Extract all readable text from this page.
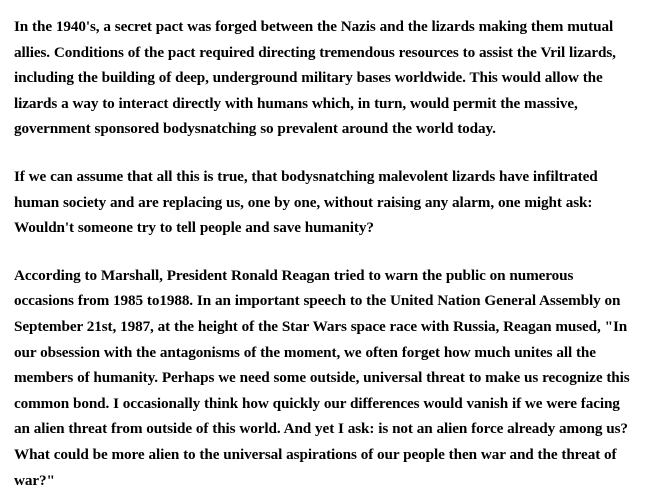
In the 1940's, a secret pact was forged between the Nazis and the lizards making them mutual allies. Conditions of the pact required directing tremendous resources to assist the Vril lizards, including the building of deep, underground military bases worldwide. This would allow the lizards a way to interact directly with humans which, in turn, would permit the massive, government sponsored bodysnatching so prevalent around the world today.

If we can assume that all this is true, that bodysnatching malevolent lizards have infiltrated human society and are replacing us, one by one, without raising any alarm, one might ask: Wouldn't someone try to tell people and save humanity?

According to Marshall, President Ronald Reagan tried to warn the public on numerous occasions from 1985 to1988. In an important speech to the United Nation General Assembly on September 21st, 1987, at the height of the Star Wars space race with Russia, Reagan mused, "In our obsession with the antagonisms of the moment, we often forget how much unites all the members of humanity. Perhaps we need some outside, universal threat to make us recognize this common bond. I occasionally think how quickly our differences would vanish if we were facing an alien threat from outside of this world. And yet I ask: is not an alien force already among us? What could be more alien to the universal aspirations of our people then war and the threat of war?"
